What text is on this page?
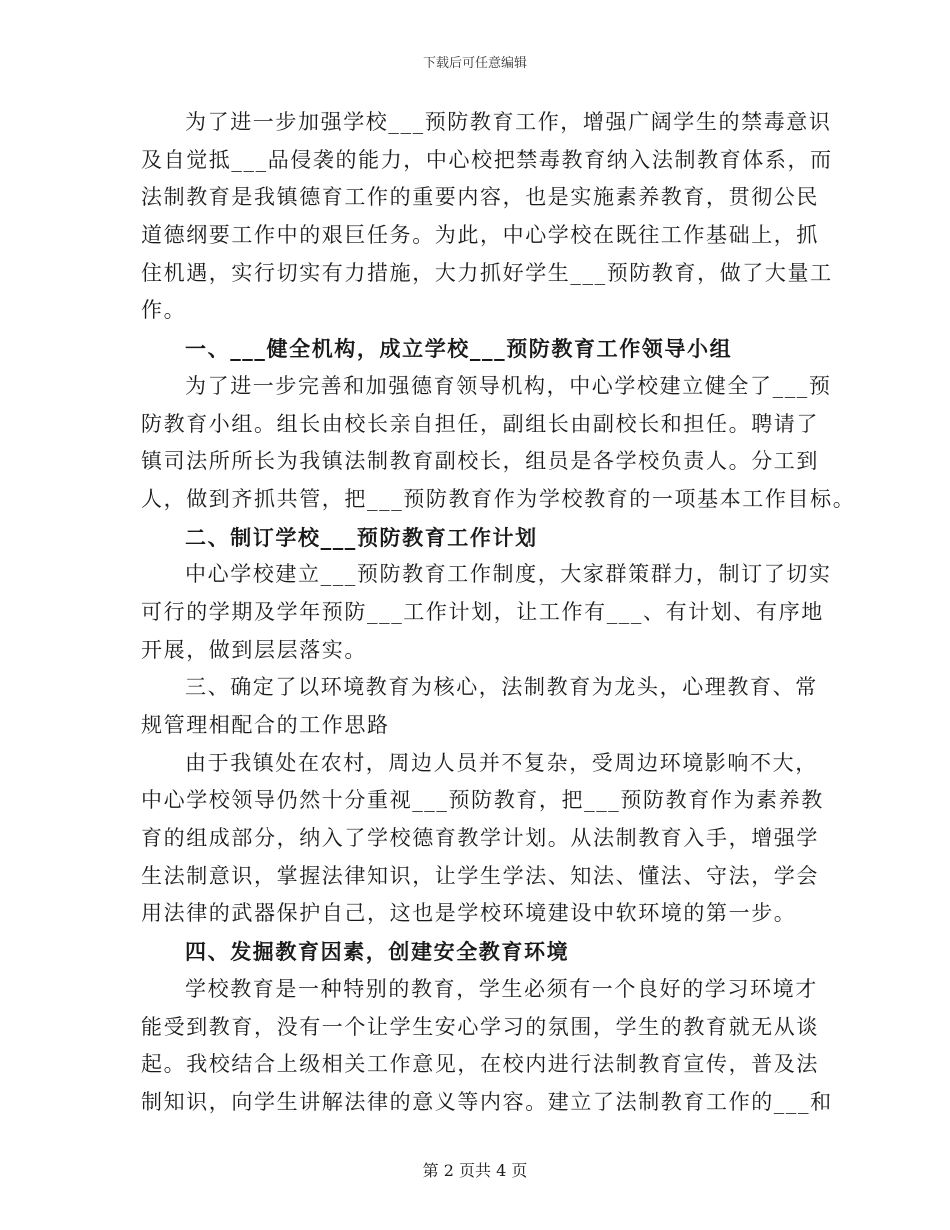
下载后可任意编辑
为了进一步加强学校___预防教育工作，增强广阔学生的禁毒意识
及自觉抵___品侵袭的能力，中心校把禁毒教育纳入法制教育体系，而
法制教育是我镇德育工作的重要内容，也是实施素养教育，贯彻公民
道德纲要工作中的艰巨任务。为此，中心学校在既往工作基础上，抓
住机遇，实行切实有力措施，大力抓好学生___预防教育，做了大量工
作。
一、___健全机构，成立学校___预防教育工作领导小组
为了进一步完善和加强德育领导机构，中心学校建立健全了___预
防教育小组。组长由校长亲自担任，副组长由副校长和担任。聘请了
镇司法所所长为我镇法制教育副校长，组员是各学校负责人。分工到
人，做到齐抓共管，把___预防教育作为学校教育的一项基本工作目标。
二、制订学校___预防教育工作计划
中心学校建立___预防教育工作制度，大家群策群力，制订了切实
可行的学期及学年预防___工作计划，让工作有___、有计划、有序地
开展，做到层层落实。
三、确定了以环境教育为核心，法制教育为龙头，心理教育、常
规管理相配合的工作思路
由于我镇处在农村，周边人员并不复杂，受周边环境影响不大，
中心学校领导仍然十分重视___预防教育，把___预防教育作为素养教
育的组成部分，纳入了学校德育教学计划。从法制教育入手，增强学
生法制意识，掌握法律知识，让学生学法、知法、懂法、守法，学会
用法律的武器保护自己，这也是学校环境建设中软环境的第一步。
四、发掘教育因素，创建安全教育环境
学校教育是一种特别的教育，学生必须有一个良好的学习环境才
能受到教育，没有一个让学生安心学习的氛围，学生的教育就无从谈
起。我校结合上级相关工作意见，在校内进行法制教育宣传，普及法
制知识，向学生讲解法律的意义等内容。建立了法制教育工作的___和
第 2 页共 4 页
